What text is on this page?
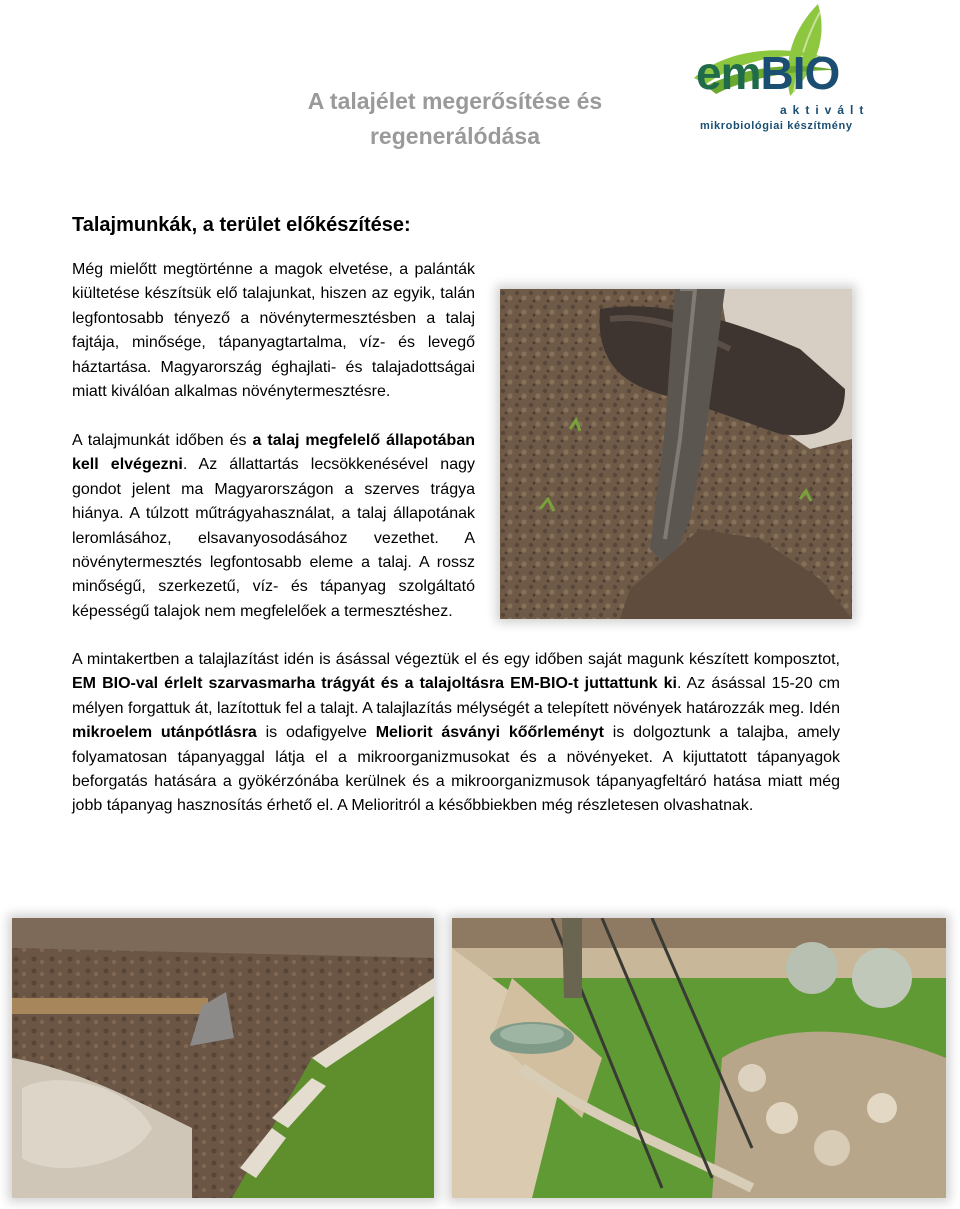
A talajélet megerősítése és
regenerálódása
emBIO
aktivált
mikrobiológiai készítmény
Talajmunkák, a terület előkészítése:

Még mielőtt megtörténne a magok elvetése, a palánták kiültetése készítsük elő talajunkat, hiszen az egyik, talán legfontosabb tényező a növénytermesztésben a talaj fajtája, minősége, tápanyagtartalma, víz- és levegő háztartása. Magyarország éghajlati- és talajadottságai miatt kiválóan alkalmas növénytermesztésre.

A talajmunkát időben és a talaj megfelelő állapotában kell elvégezni. Az állattartás lecsökkenésével nagy gondot jelent ma Magyarországon a szerves trágya hiánya. A túlzott műtrágyahasználat, a talaj állapotának leromlásához, elsavanyosodásához vezethet. A növénytermesztés legfontosabb eleme a talaj. A rossz minőségű, szerkezetű, víz- és tápanyag szolgáltató képességű talajok nem megfelelőek a termesztéshez.

A mintakertben a talajlazítást idén is ásással végeztük el és egy időben saját magunk készített komposztot, EM BIO-val érlelt szarvasmarha trágyát és a talajoltásra EM-BIO-t juttattunk ki. Az ásással 15-20 cm mélyen forgattuk át, lazítottuk fel a talajt. A talajlazítás mélységét a telepített növények határozzák meg. Idén mikroelem utánpótlásra is odafigyelve Meliorit ásványi kőőrleményt is dolgoztunk a talajba, amely folyamatosan tápanyaggal látja el a mikroorganizmusokat és a növényeket. A kijuttatott tápanyagok beforgatás hatására a gyökérzónába kerülnek és a mikroorganizmusok tápanyagfeltáró hatása miatt még jobb tápanyag hasznosítás érhető el. A Melioritról a későbbiekben még részletesen olvashatnak.
